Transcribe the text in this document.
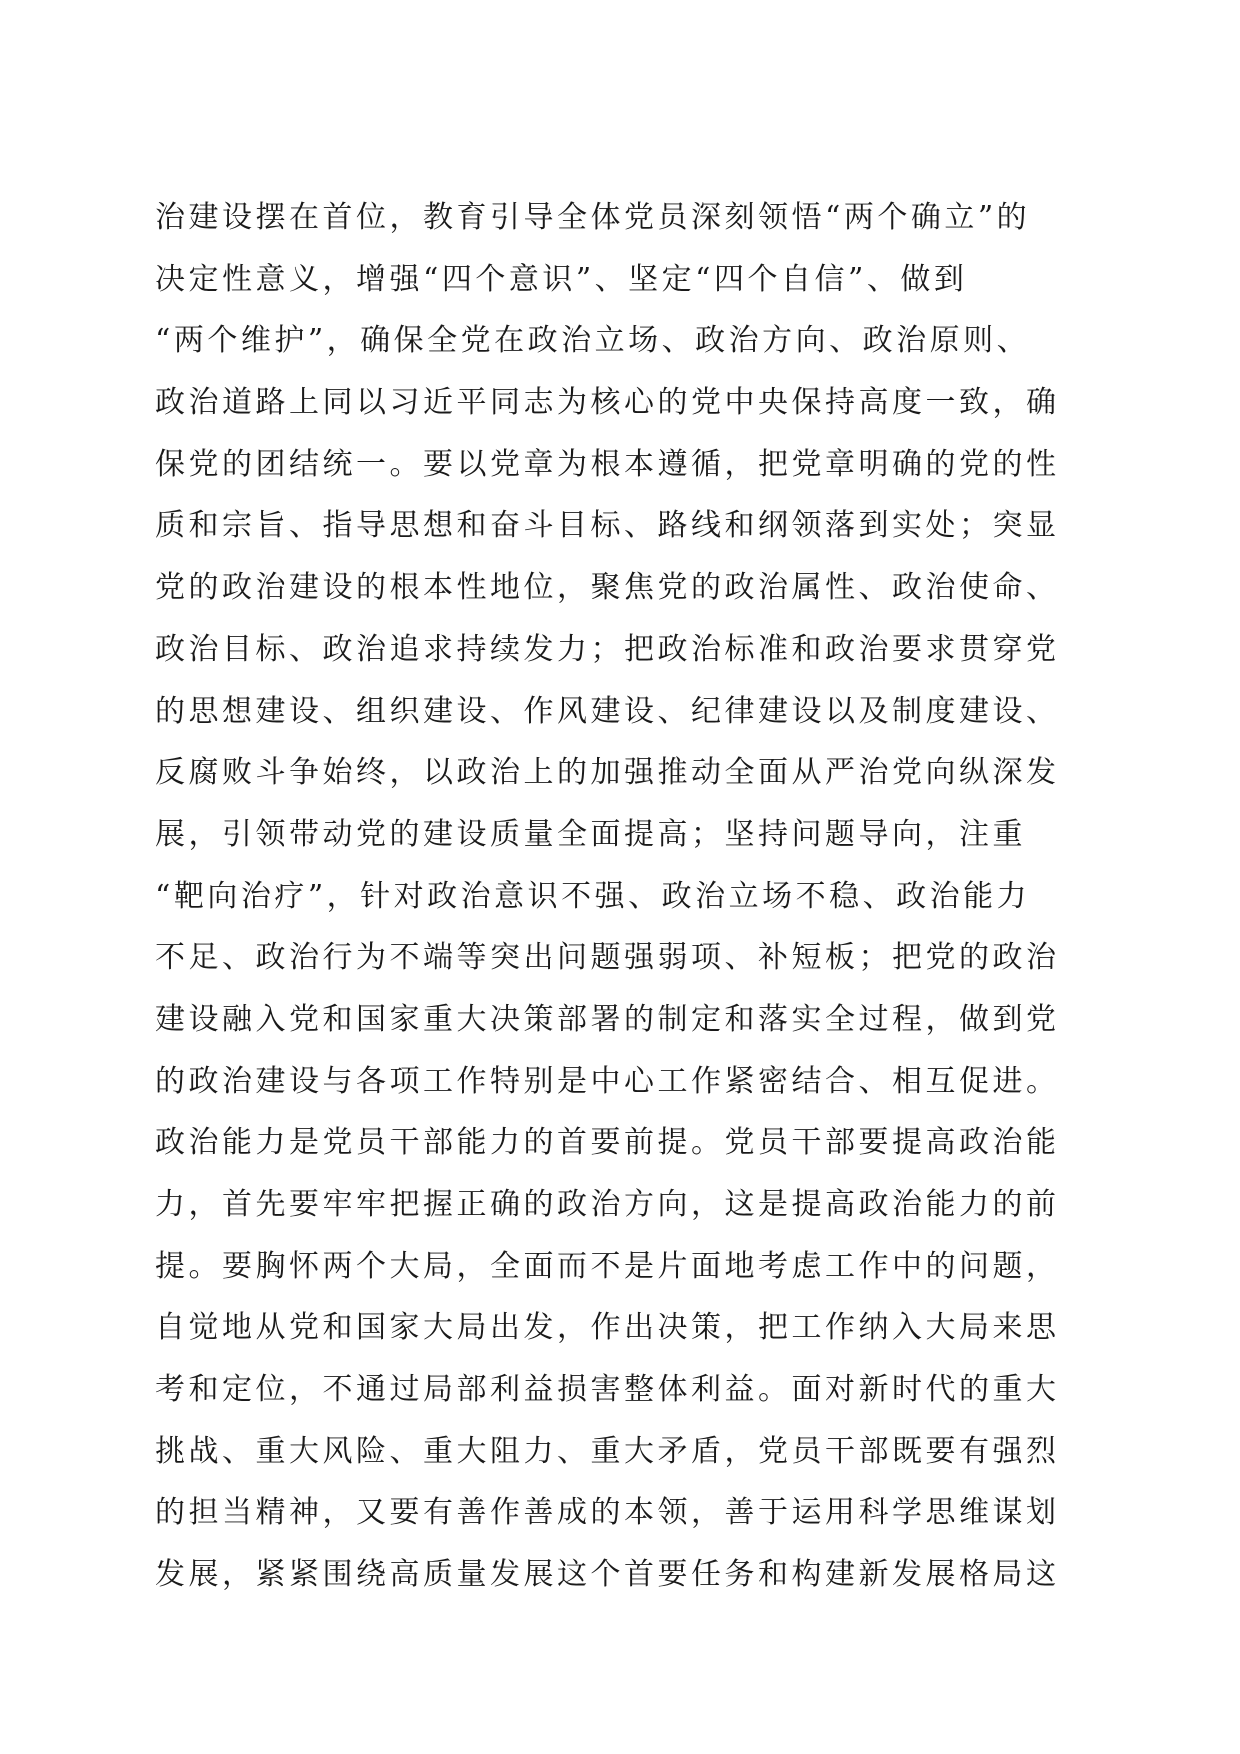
治建设摆在首位，教育引导全体党员深刻领悟“两个确立”的
决定性意义，增强“四个意识”、坚定“四个自信”、做到
“两个维护”，确保全党在政治立场、政治方向、政治原则、
政治道路上同以习近平同志为核心的党中央保持高度一致，确
保党的团结统一。要以党章为根本遵循，把党章明确的党的性
质和宗旨、指导思想和奋斗目标、路线和纲领落到实处；突显
党的政治建设的根本性地位，聚焦党的政治属性、政治使命、
政治目标、政治追求持续发力；把政治标准和政治要求贯穿党
的思想建设、组织建设、作风建设、纪律建设以及制度建设、
反腐败斗争始终，以政治上的加强推动全面从严治党向纵深发
展，引领带动党的建设质量全面提高；坚持问题导向，注重
“靶向治疗”，针对政治意识不强、政治立场不稳、政治能力
不足、政治行为不端等突出问题强弱项、补短板；把党的政治
建设融入党和国家重大决策部署的制定和落实全过程，做到党
的政治建设与各项工作特别是中心工作紧密结合、相互促进。
政治能力是党员干部能力的首要前提。党员干部要提高政治能
力，首先要牢牢把握正确的政治方向，这是提高政治能力的前
提。要胸怀两个大局，全面而不是片面地考虑工作中的问题，
自觉地从党和国家大局出发，作出决策，把工作纳入大局来思
考和定位，不通过局部利益损害整体利益。面对新时代的重大
挑战、重大风险、重大阻力、重大矛盾，党员干部既要有强烈
的担当精神，又要有善作善成的本领，善于运用科学思维谋划
发展，紧紧围绕高质量发展这个首要任务和构建新发展格局这
